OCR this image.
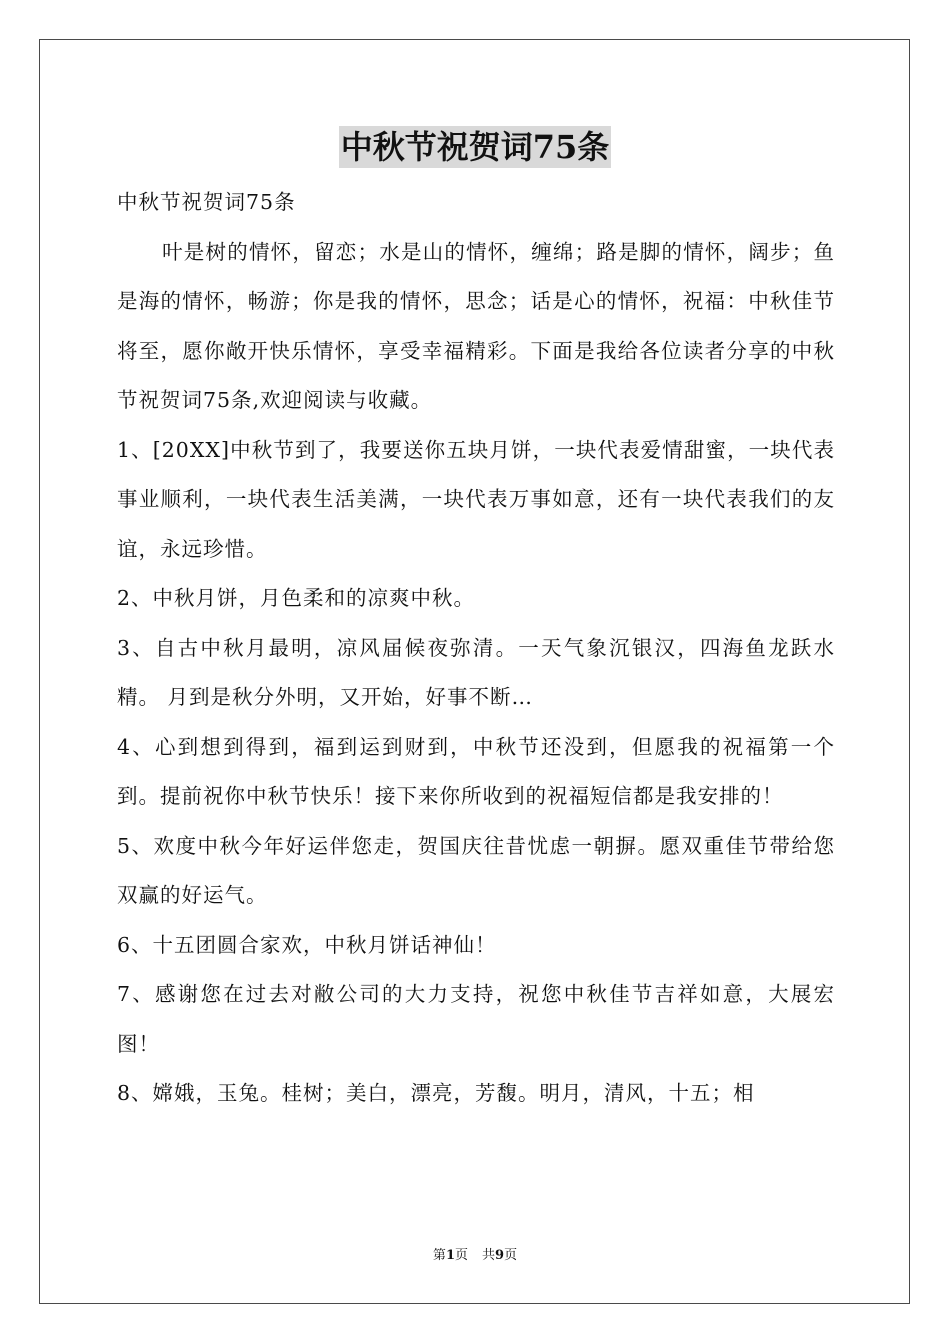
中秋节祝贺词75条

中秋节祝贺词75条

叶是树的情怀，留恋；水是山的情怀，缠绵；路是脚的情怀，阔步；鱼是海的情怀，畅游；你是我的情怀，思念；话是心的情怀，祝福：中秋佳节将至，愿你敞开快乐情怀，享受幸福精彩。下面是我给各位读者分享的中秋节祝贺词75条,欢迎阅读与收藏。

1、[20XX]中秋节到了，我要送你五块月饼，一块代表爱情甜蜜，一块代表事业顺利，一块代表生活美满，一块代表万事如意，还有一块代表我们的友谊，永远珍惜。

2、中秋月饼，月色柔和的凉爽中秋。

3、自古中秋月最明，凉风届候夜弥清。一天气象沉银汉，四海鱼龙跃水精。 月到是秋分外明，又开始，好事不断…

4、心到想到得到，福到运到财到，中秋节还没到，但愿我的祝福第一个到。提前祝你中秋节快乐！接下来你所收到的祝福短信都是我安排的！

5、欢度中秋今年好运伴您走，贺国庆往昔忧虑一朝摒。愿双重佳节带给您双赢的好运气。

6、十五团圆合家欢，中秋月饼话神仙！

7、感谢您在过去对敝公司的大力支持，祝您中秋佳节吉祥如意，大展宏图！

8、嫦娥，玉兔。桂树；美白，漂亮，芳馥。明月，清风，十五；相

第1页 共9页
